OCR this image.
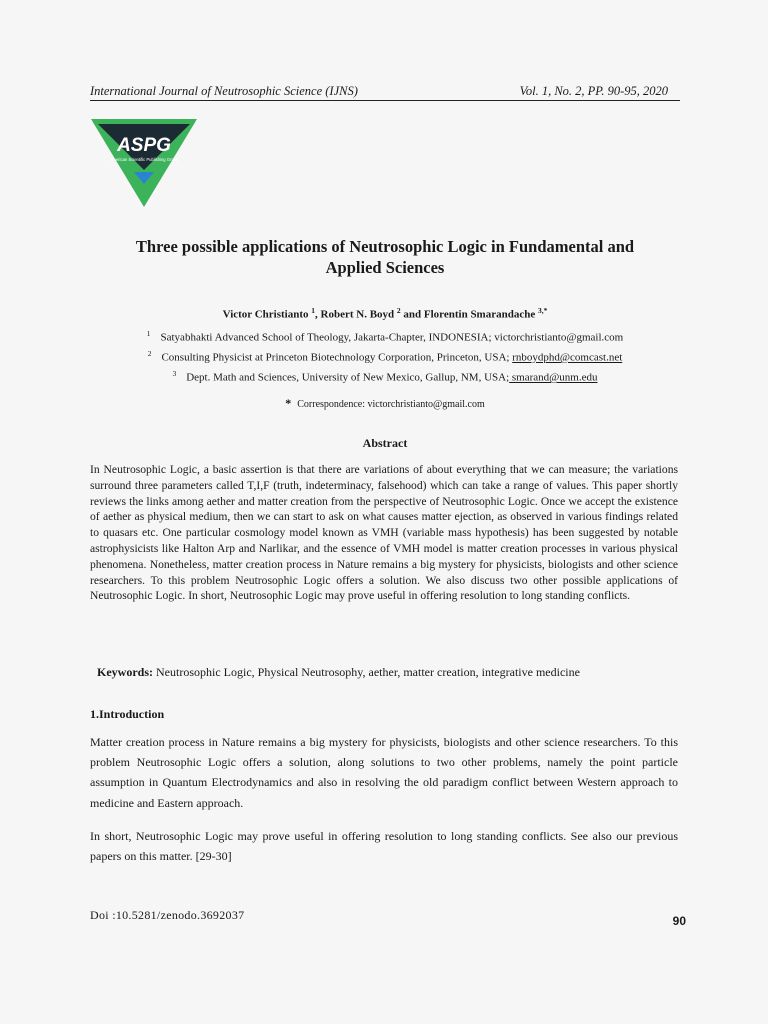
International Journal of Neutrosophic Science (IJNS)	Vol. 1, No. 2, PP. 90-95, 2020
ASPG
American Scientific Publishing Group
Three possible applications of Neutrosophic Logic in Fundamental and
Applied Sciences
Victor Christianto $^1$, Robert N. Boyd $^2$ and Florentin Smarandache $^{3,*}$
$^1$ Satyabhakti Advanced School of Theology, Jakarta-Chapter, INDONESIA; victorchristianto@gmail.com
$^2$ Consulting Physicist at Princeton Biotechnology Corporation, Princeton, USA; rnboydphd@comcast.net
$^3$ Dept. Math and Sciences, University of New Mexico, Gallup, NM, USA; smarand@unm.edu
* Correspondence: victorchristianto@gmail.com
Abstract
In Neutrosophic Logic, a basic assertion is that there are variations of about everything that we can measure; the variations surround three parameters called T,I,F (truth, indeterminacy, falsehood) which can take a range of values. This paper shortly reviews the links among aether and matter creation from the perspective of Neutrosophic Logic. Once we accept the existence of aether as physical medium, then we can start to ask on what causes matter ejection, as observed in various findings related to quasars etc. One particular cosmology model known as VMH (variable mass hypothesis) has been suggested by notable astrophysicists like Halton Arp and Narlikar, and the essence of VMH model is matter creation processes in various physical phenomena. Nonetheless, matter creation process in Nature remains a big mystery for physicists, biologists and other science researchers. To this problem Neutrosophic Logic offers a solution. We also discuss two other possible applications of Neutrosophic Logic. In short, Neutrosophic Logic may prove useful in offering resolution to long standing conflicts.
Keywords: Neutrosophic Logic, Physical Neutrosophy, aether, matter creation, integrative medicine
1.Introduction
Matter creation process in Nature remains a big mystery for physicists, biologists and other science researchers. To this problem Neutrosophic Logic offers a solution, along solutions to two other problems, namely the point particle assumption in Quantum Electrodynamics and also in resolving the old paradigm conflict between Western approach to medicine and Eastern approach.
In short, Neutrosophic Logic may prove useful in offering resolution to long standing conflicts. See also our previous papers on this matter. [29-30]
Doi :10.5281/zenodo.3692037	90
